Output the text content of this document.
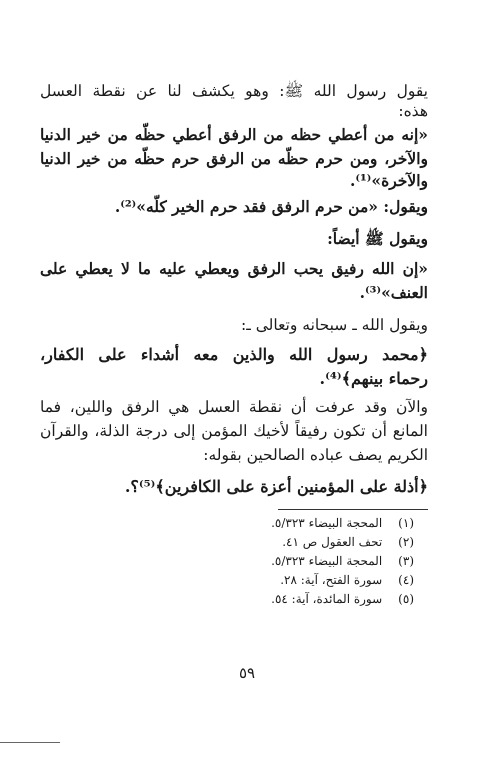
يقول رسول الله ﷺ: وهو يكشف لنا عن نقطة العسل
هذه:
«إنه من أعطي حظه من الرفق أعطي حظّه من خير الدنيا
والآخر، ومن حرم حظّه من الرفق حرم حظّه من خير الدنيا
والآخرة»⁽¹⁾.
ويقول: «من حرم الرفق فقد حرم الخير كلّه»⁽²⁾.
ويقول ﷺ أيضاً:
«إن الله رفيق يحب الرفق ويعطي عليه ما لا يعطي على
العنف»⁽³⁾.
ويقول الله ـ سبحانه وتعالى ـ:
﴿محمد رسول الله والذين معه أشداء على الكفار،
رحماء بينهم﴾⁽⁴⁾.
والآن وقد عرفت أن نقطة العسل هي الرفق واللين، فما
المانع أن تكون رفيقاً لأخيك المؤمن إلى درجة الذلة، والقرآن
الكريم يصف عباده الصالحين بقوله:
﴿أذلة على المؤمنين أعزة على الكافرين﴾⁽⁵⁾؟.
(١) المحجة البيضاء ٥/٣٢٣.
(٢) تحف العقول ص ٤١.
(٣) المحجة البيضاء ٥/٣٢٣.
(٤) سورة الفتح، آية: ٢٨.
(٥) سورة المائدة، آية: ٥٤.
٥٩
